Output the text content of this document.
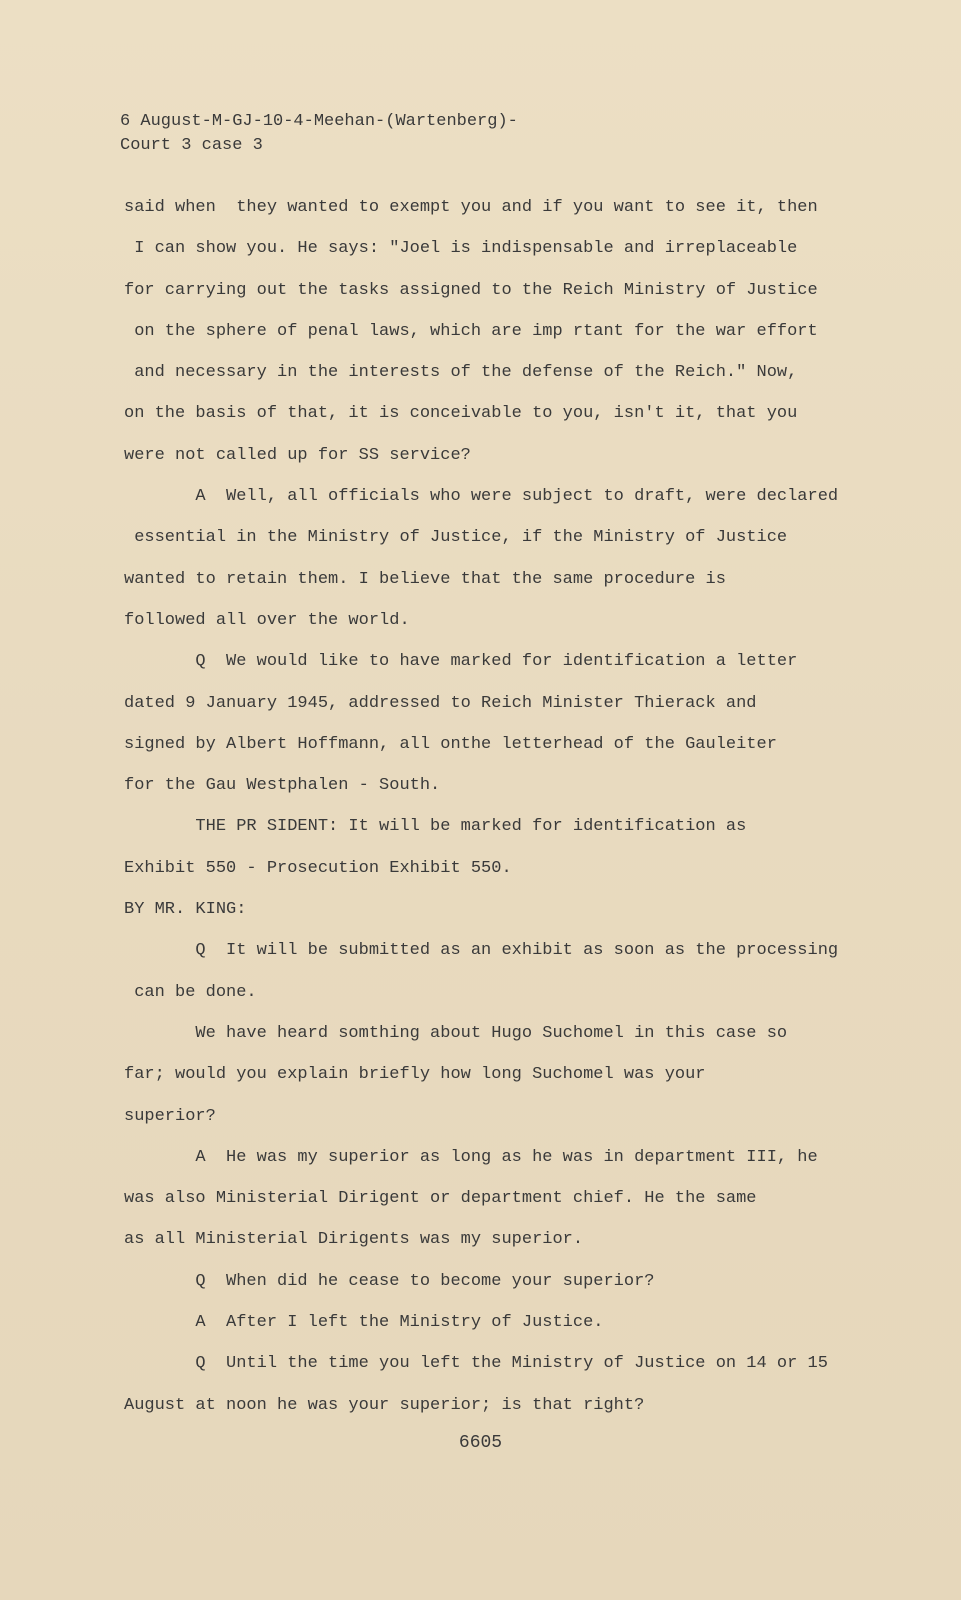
6 August-M-GJ-10-4-Meehan-(Wartenberg)-
Court 3 case 3
said when  they wanted to exempt you and if you want to see it, then
I can show you. He says: "Joel is indispensable and irreplaceable
for carrying out the tasks assigned to the Reich Ministry of Justice
on the sphere of penal laws, which are imp rtant for the war effort
and necessary in the interests of the defense of the Reich." Now,
on the basis of that, it is conceivable to you, isn't it, that you
were not called up for SS service?
A  Well, all officials who were subject to draft, were declared
essential in the Ministry of Justice, if the Ministry of Justice
wanted to retain them. I believe that the same procedure is
followed all over the world.
Q  We would like to have marked for identification a letter
dated 9 January 1945, addressed to Reich Minister Thierack and
signed by Albert Hoffmann, all onthe letterhead of the Gauleiter
for the Gau Westphalen - South.
THE PR SIDENT: It will be marked for identification as
Exhibit 550 - Prosecution Exhibit 550.
BY MR. KING:
Q  It will be submitted as an exhibit as soon as the processing
can be done.
We have heard somthing about Hugo Suchomel in this case so
far; would you explain briefly how long Suchomel was your
superior?
A  He was my superior as long as he was in department III, he
was also Ministerial Dirigent or department chief. He the same
as all Ministerial Dirigents was my superior.
Q  When did he cease to become your superior?
A  After I left the Ministry of Justice.
Q  Until the time you left the Ministry of Justice on 14 or 15
August at noon he was your superior; is that right?
6605
